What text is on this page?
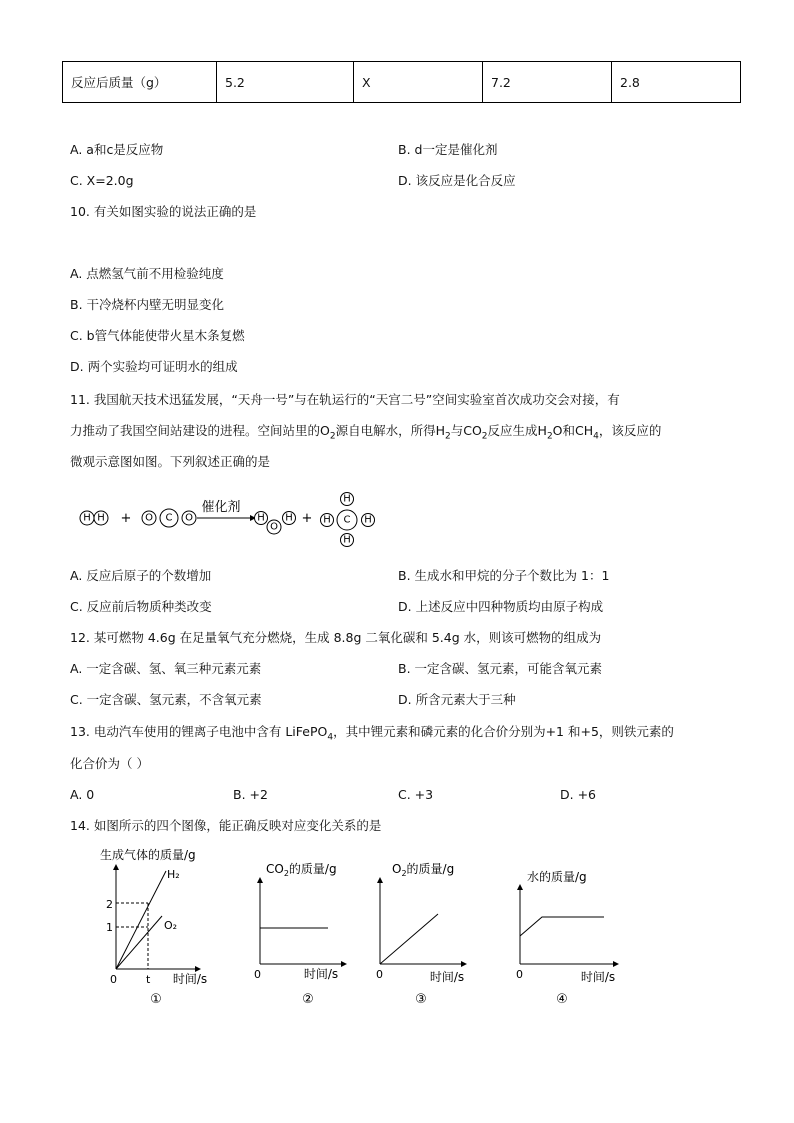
反应后质量（g）	5.2	X	7.2	2.8
A. a和c是反应物	B. d一定是催化剂
C. X=2.0g	D. 该反应是化合反应
10. 有关如图实验的说法正确的是
A. 点燃氢气前不用检验纯度
B. 干冷烧杯内壁无明显变化
C. b管气体能使带火星木条复燃
D. 两个实验均可证明水的组成
11. 我国航天技术迅猛发展，“天舟一号”与在轨运行的“天宫二号”空间实验室首次成功交会对接，有
力推动了我国空间站建设的进程。空间站里的$O_2$源自电解水，所得$H_2$与$CO_2$反应生成$H_2O$和$CH_4$，该反应的
微观示意图如图。下列叙述正确的是
H H + O C O
催化剂
H
O
H +
H
H C H
H
A. 反应后原子的个数增加	B. 生成水和甲烷的分子个数比为 1：1
C. 反应前后物质种类改变	D. 上述反应中四种物质均由原子构成
12. 某可燃物 4.6g 在足量氧气充分燃烧，生成 8.8g 二氧化碳和 5.4g 水，则该可燃物的组成为
A. 一定含碳、氢、氧三种元素元素	B. 一定含碳、氢元素，可能含氧元素
C. 一定含碳、氢元素，不含氧元素	D. 所含元素大于三种
13. 电动汽车使用的锂离子电池中含有 LiFePO$_4$，其中锂元素和磷元素的化合价分别为+1 和+5，则铁元素的
化合价为（ ）
A. 0	B. +2	C. +3	D. +6
14. 如图所示的四个图像，能正确反映对应变化关系的是
生成气体的质量/g
H₂
O₂
2
1
0	t 时间/s
①
$CO_2$的质量/g
0	时间/s
②
$O_2$的质量/g
0	时间/s
③
水的质量/g
0	时间/s
④
